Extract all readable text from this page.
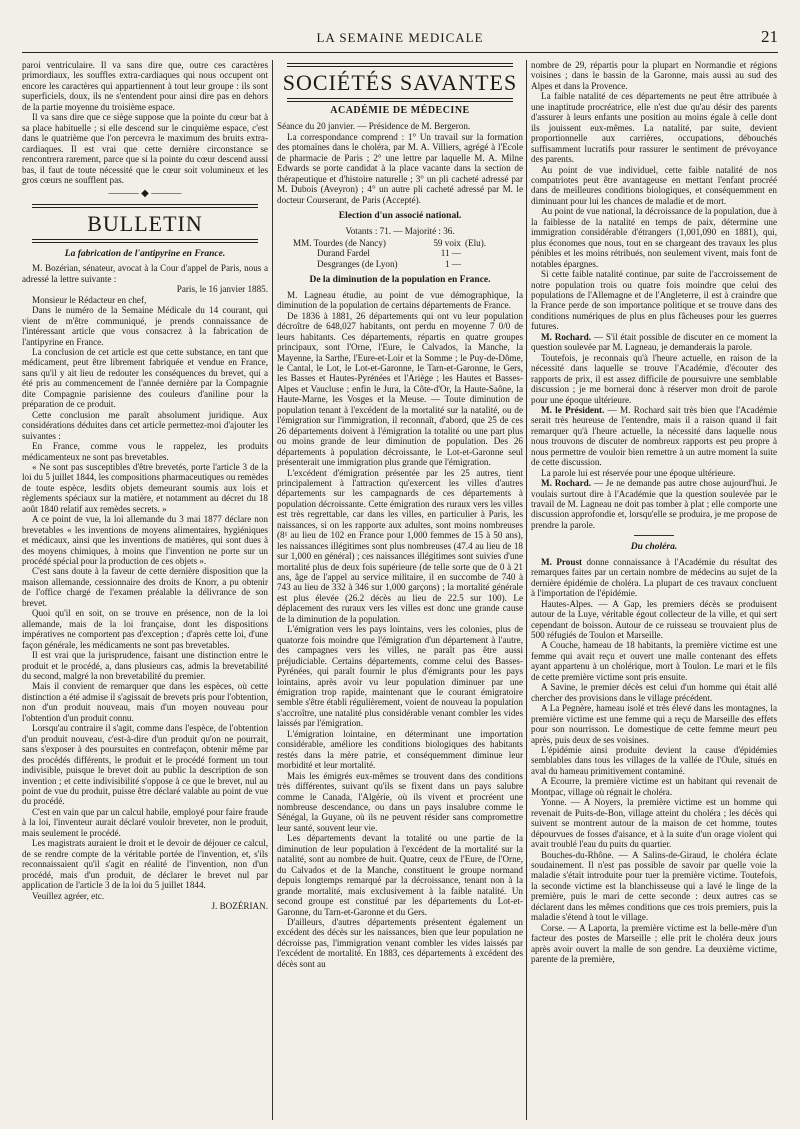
LA SEMAINE MEDICALE	21

paroi ventriculaire. Il va sans dire que, outre ces caractères primordiaux, les souffles extra-cardiaques qui nous occupent ont encore les caractères qui appartiennent à tout leur groupe : ils sont superficiels, doux, ils ne s'entendent pour ainsi dire pas en dehors de la partie moyenne du troisième espace.

Il va sans dire que ce siège suppose que la pointe du cœur bat à sa place habituelle ; si elle descend sur le cinquième espace, c'est dans le quatrième que l'on percevra le maximum des bruits extra-cardiaques. Il est vrai que cette dernière circonstance se rencontrera rarement, parce que si la pointe du cœur descend aussi bas, il faut de toute nécessité que le cœur soit volumineux et les gros cœurs ne soufflent pas.

——— ◆ ———
BULLETIN
La fabrication de l'antipyrine en France.

M. Bozérian, sénateur, avocat à la Cour d'appel de Paris, nous a adressé la lettre suivante :

Paris, le 16 janvier 1885.

Monsieur le Rédacteur en chef,

Dans le numéro de la Semaine Médicale du 14 courant, qui vient de m'être communiqué, je prends connaissance de l'intéressant article que vous consacrez à la fabrication de l'antipyrine en France.

La conclusion de cet article est que cette substance, en tant que médicament, peut être librement fabriquée et vendue en France, sans qu'il y ait lieu de redouter les conséquences du brevet, qui a été pris au commencement de l'année dernière par la Compagnie dite Compagnie parisienne des couleurs d'aniline pour la préparation de ce produit.

Cette conclusion me paraît absolument juridique. Aux considérations déduites dans cet article permettez-moi d'ajouter les suivantes :

En France, comme vous le rappelez, les produits médicamenteux ne sont pas brevetables.

« Ne sont pas susceptibles d'être brevetés, porte l'article 3 de la loi du 5 juillet 1844, les compositions pharmaceutiques ou remèdes de toute espèce, lesdits objets demeurant soumis aux lois et règlements spéciaux sur la matière, et notamment au décret du 18 août 1840 relatif aux remèdes secrets. »

A ce point de vue, la loi allemande du 3 mai 1877 déclare non brevetables « les inventions de moyens alimentaires, hygiéniques et médicaux, ainsi que les inventions de matières, qui sont dues à des moyens chimiques, à moins que l'invention ne porte sur un procédé spécial pour la production de ces objets ».

C'est sans doute à la faveur de cette dernière disposition que la maison allemande, cessionnaire des droits de Knorr, a pu obtenir de l'office chargé de l'examen préalable la délivrance de son brevet.

Quoi qu'il en soit, on se trouve en présence, non de la loi allemande, mais de la loi française, dont les dispositions impératives ne comportent pas d'exception ; d'après cette loi, d'une façon générale, les médicaments ne sont pas brevetables.

Il est vrai que la jurisprudence, faisant une distinction entre le produit et le procédé, a, dans plusieurs cas, admis la brevetabilité du second, malgré la non brevetabilité du premier.

Mais il convient de remarquer que dans les espèces, où cette distinction a été admise il s'agissait de brevets pris pour l'obtention, non d'un produit nouveau, mais d'un moyen nouveau pour l'obtention d'un produit connu.

Lorsqu'au contraire il s'agit, comme dans l'espèce, de l'obtention d'un produit nouveau, c'est-à-dire d'un produit qu'on ne pourrait, sans s'exposer à des poursuites en contrefaçon, obtenir même par des procédés différents, le produit et le procédé forment un tout indivisible, puisque le brevet doit au public la description de son invention ; et cette indivisibilité s'oppose à ce que le brevet, nul au point de vue du produit, puisse être déclaré valable au point de vue du procédé.

C'est en vain que par un calcul habile, employé pour faire fraude à la loi, l'inventeur aurait déclaré vouloir breveter, non le produit, mais seulement le procédé.

Les magistrats auraient le droit et le devoir de déjouer ce calcul, de se rendre compte de la véritable portée de l'invention, et, s'ils reconnaissaient qu'il s'agit en réalité de l'invention, non d'un procédé, mais d'un produit, de déclarer le brevet nul par application de l'article 3 de la loi du 5 juillet 1844.

Veuillez agréer, etc.

J. BOZÉRIAN.

SOCIÉTÉS SAVANTES
ACADÉMIE DE MÉDECINE

Séance du 20 janvier. — Présidence de M. Bergeron.

La correspondance comprend : 1° Un travail sur la formation des ptomaïnes dans le choléra, par M. A. Villiers, agrégé à l'Ecole de pharmacie de Paris ; 2° une lettre par laquelle M. A. Milne Edwards se porte candidat à la place vacante dans la section de thérapeutique et d'histoire naturelle ; 3° un pli cacheté adressé par M. Dubois (Aveyron) ; 4° un autre pli cacheté adressé par M. le docteur Courserant, de Paris (Accepté).

Election d'un associé national.

Votants : 71. — Majorité : 36.

MM. Tourdes (de Nancy)	59 voix (Elu).
Durand Fardel	11 —
Desgranges (de Lyon)	1 —
De la diminution de la population en France.

M. Lagneau étudie, au point de vue démographique, la diminution de la population de certains départements de France.

De 1836 à 1881, 26 départements qui ont vu leur population décroître de 648,027 habitants, ont perdu en moyenne 7 0/0 de leurs habitants. Ces départements, répartis en quatre groupes principaux, sont l'Orne, l'Eure, le Calvados, la Manche, la Mayenne, la Sarthe, l'Eure-et-Loir et la Somme ; le Puy-de-Dôme, le Cantal, le Lot, le Lot-et-Garonne, le Tarn-et-Garonne, le Gers, les Basses et Hautes-Pyrénées et l'Ariège ; les Hautes et Basses-Alpes et Vaucluse ; enfin le Jura, la Côte-d'Or, la Haute-Saône, la Haute-Marne, les Vosges et la Meuse. — Toute diminution de population tenant à l'excédent de la mortalité sur la natalité, ou de l'émigration sur l'immigration, il reconnaît, d'abord, que 25 de ces 26 départements doivent à l'émigration la totalité ou une part plus ou moins grande de leur diminution de population. Des 26 départements à population décroissante, le Lot-et-Garonne seul présenterait une immigration plus grande que l'émigration.

L'excédent d'émigration présentée par les 25 autres, tient principalement à l'attraction qu'exercent les villes d'autres départements sur les campagnards de ces départements à population décroissante. Cette émigration des ruraux vers les villes est très regrettable, car dans les villes, en particulier à Paris, les naissances, si on les rapporte aux adultes, sont moins nombreuses (8¹ au lieu de 102 en France pour 1,000 femmes de 15 à 50 ans), les naissances illégitimes sont plus nombreuses (47.4 au lieu de 18 sur 1,000 en général) ; ces naissances illégitimes sont suivies d'une mortalité plus de deux fois supérieure (de telle sorte que de 0 à 21 ans, âge de l'appel au service militaire, il en succombe de 740 à 743 au lieu de 332 à 346 sur 1,000 garçons) ; la mortalité générale est plus élevée (26.2 décès au lieu de 22.5 sur 100). Le déplacement des ruraux vers les villes est donc une grande cause de la diminution de la population.

L'émigration vers les pays lointains, vers les colonies, plus de quatorze fois moindre que l'émigration d'un département à l'autre, des campagnes vers les villes, ne paraît pas être aussi préjudiciable. Certains départements, comme celui des Basses-Pyrénées, qui paraît fournir le plus d'émigrants pour les pays lointains, après avoir vu leur population diminuer par une émigration trop rapide, maintenant que le courant émigratoire semble s'être établi régulièrement, voient de nouveau la population s'accroître, une natalité plus considérable venant combler les vides laissés par l'émigration.

L'émigration lointaine, en déterminant une importation considérable, améliore les conditions biologiques des habitants restés dans la mère patrie, et conséquemment diminue leur morbidité et leur mortalité.

Mais les émigrés eux-mêmes se trouvent dans des conditions très différentes, suivant qu'ils se fixent dans un pays salubre comme le Canada, l'Algérie, où ils vivent et procréent une nombreuse descendance, ou dans un pays insalubre comme le Sénégal, la Guyane, où ils ne peuvent résider sans compromettre leur santé, souvent leur vie.

Les départements devant la totalité ou une partie de la diminution de leur population à l'excédent de la mortalité sur la natalité, sont au nombre de huit. Quatre, ceux de l'Eure, de l'Orne, du Calvados et de la Manche, constituent le groupe normand depuis longtemps remarqué par la décroissance, tenant non à la grande mortalité, mais exclusivement à la faible natalité. Un second groupe est constitué par les départements du Lot-et-Garonne, du Tarn-et-Garonne et du Gers.

D'ailleurs, d'autres départements présentent également un excédent des décès sur les naissances, bien que leur population ne décroisse pas, l'immigration venant combler les vides laissés par l'excédent de mortalité. En 1883, ces départements à excédent des décès sont au

nombre de 29, répartis pour la plupart en Normandie et régions voisines ; dans le bassin de la Garonne, mais aussi au sud des Alpes et dans la Provence.

La faible natalité de ces départements ne peut être attribuée à une inaptitude procréatrice, elle n'est due qu'au désir des parents d'assurer à leurs enfants une position au moins égale à celle dont ils jouissent eux-mêmes. La natalité, par suite, devient proportionnelle aux carrières, occupations, débouchés suffisamment lucratifs pour rassurer le sentiment de prévoyance des parents.

Au point de vue individuel, cette faible natalité de nos compatriotes peut être avantageuse en mettant l'enfant procréé dans de meilleures conditions biologiques, et conséquemment en diminuant pour lui les chances de maladie et de mort.

Au point de vue national, la décroissance de la population, due à la faiblesse de la natalité en temps de paix, détermine une immigration considérable d'étrangers (1,001,090 en 1881), qui, plus économes que nous, tout en se chargeant des travaux les plus pénibles et les moins rétribués, non seulement vivent, mais font de notables épargnes.

Si cette faible natalité continue, par suite de l'accroissement de notre population trois ou quatre fois moindre que celui des populations de l'Allemagne et de l'Angleterre, il est à craindre que la France perde de son importance politique et se trouve dans des conditions numériques de plus en plus fâcheuses pour les guerres futures.

M. Rochard. — S'il était possible de discuter en ce moment la question soulevée par M. Lagneau, je demanderais la parole.

Toutefois, je reconnais qu'à l'heure actuelle, en raison de la nécessité dans laquelle se trouve l'Académie, d'écouter des rapports de prix, il est assez difficile de poursuivre une semblable discussion ; je me bornerai donc à réserver mon droit de parole pour une époque ultérieure.

M. le Président. — M. Rochard sait très bien que l'Académie serait très heureuse de l'entendre, mais il a raison quand il fait remarquer qu'à l'heure actuelle, la nécessité dans laquelle nous nous trouvons de discuter de nombreux rapports est peu propre à nous permettre de vouloir bien remettre à un autre moment la suite de cette discussion.

La parole lui est réservée pour une époque ultérieure.

M. Rochard. — Je ne demande pas autre chose aujourd'hui. Je voulais surtout dire à l'Académie que la question soulevée par le travail de M. Lagneau ne doit pas tomber à plat ; elle comporte une discussion approfondie et, lorsqu'elle se produira, je me propose de prendre la parole.

Du choléra.

M. Proust donne connaissance à l'Académie du résultat des remarques faites par un certain nombre de médecins au sujet de la dernière épidémie de choléra. La plupart de ces travaux concluent à l'importation de l'épidémie.

Hautes-Alpes. — A Gap, les premiers décès se produisent autour de la Luye, véritable égout collecteur de la ville, et qui sert cependant de boisson. Autour de ce ruisseau se trouvaient plus de 500 réfugiés de Toulon et Marseille.

A Couche, hameau de 18 habitants, la première victime est une femme qui avait reçu et ouvert une malle contenant des effets ayant appartenu à un cholérique, mort à Toulon. Le mari et le fils de cette première victime sont pris ensuite.

A Savine, le premier décès est celui d'un homme qui était allé chercher des provisions dans le village précédent.

A La Pegnère, hameau isolé et très élevé dans les montagnes, la première victime est une femme qui a reçu de Marseille des effets pour son nourrisson. Le domestique de cette femme meurt peu après, puis deux de ses voisines.

L'épidémie ainsi produite devient la cause d'épidémies semblables dans tous les villages de la vallée de l'Oule, situés en aval du hameau primitivement contaminé.

A Ecourre, la première victime est un habitant qui revenait de Montpac, village où régnait le choléra.

Yonne. — A Noyers, la première victime est un homme qui revenait de Puits-de-Bon, village atteint du choléra ; les décès qui suivent se montrent autour de la maison de cet homme, toutes dépourvues de fosses d'aisance, et à la suite d'un orage violent qui avait troublé l'eau du puits du quartier.

Bouches-du-Rhône. — A Salins-de-Giraud, le choléra éclate soudainement. Il n'est pas possible de savoir par quelle voie la maladie s'était introduite pour tuer la première victime. Toutefois, la seconde victime est la blanchisseuse qui a lavé le linge de la première, puis le mari de cette seconde : deux autres cas se déclarent dans les mêmes conditions que ces trois premiers, puis la maladie s'étend à tout le village.

Corse. — A Laporta, la première victime est la belle-mère d'un facteur des postes de Marseille ; elle prit le choléra deux jours après avoir ouvert la malle de son gendre. La deuxième victime, parente de la première,
